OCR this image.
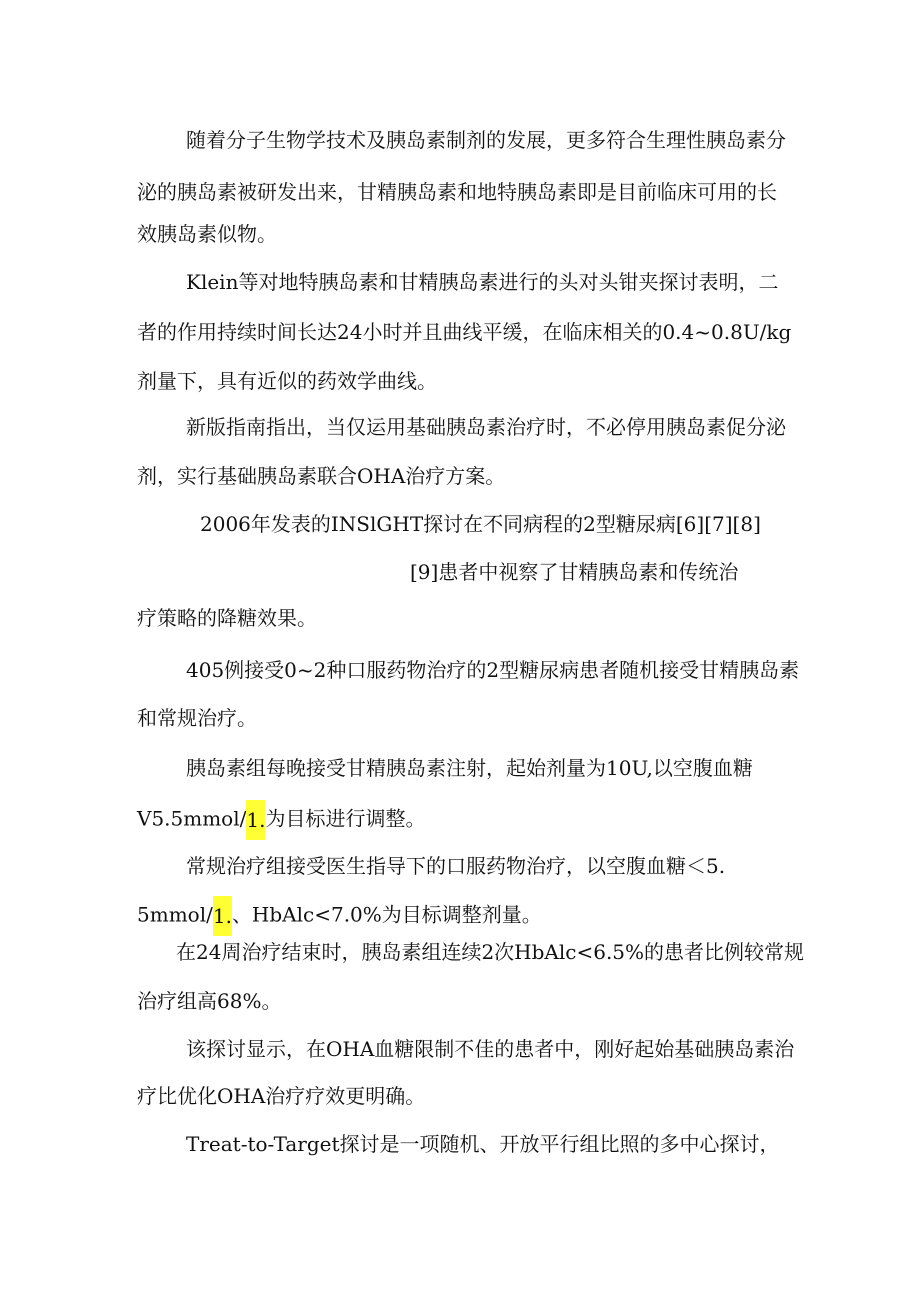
随着分子生物学技术及胰岛素制剂的发展，更多符合生理性胰岛素分
泌的胰岛素被研发出来，甘精胰岛素和地特胰岛素即是目前临床可用的长
效胰岛素似物。
Klein等对地特胰岛素和甘精胰岛素进行的头对头钳夹探讨表明，二
者的作用持续时间长达24小时并且曲线平缓，在临床相关的0.4~0.8U/kg
剂量下，具有近似的药效学曲线。
新版指南指出，当仅运用基础胰岛素治疗时，不必停用胰岛素促分泌
剂，实行基础胰岛素联合OHA治疗方案。
2006年发表的INSlGHT探讨在不同病程的2型糖尿病[6][7][8]
[9]患者中视察了甘精胰岛素和传统治
疗策略的降糖效果。
405例接受0~2种口服药物治疗的2型糖尿病患者随机接受甘精胰岛素
和常规治疗。
胰岛素组每晚接受甘精胰岛素注射，起始剂量为10U,以空腹血糖
V5.5mmol/1.为目标进行调整。
常规治疗组接受医生指导下的口服药物治疗，以空腹血糖＜5.
5mmol/1.、HbAlc<7.0%为目标调整剂量。
在24周治疗结束时，胰岛素组连续2次HbAlc<6.5%的患者比例较常规
治疗组高68%。
该探讨显示，在OHA血糖限制不佳的患者中，刚好起始基础胰岛素治
疗比优化OHA治疗疗效更明确。
Treat-to-Target探讨是一项随机、开放平行组比照的多中心探讨，
